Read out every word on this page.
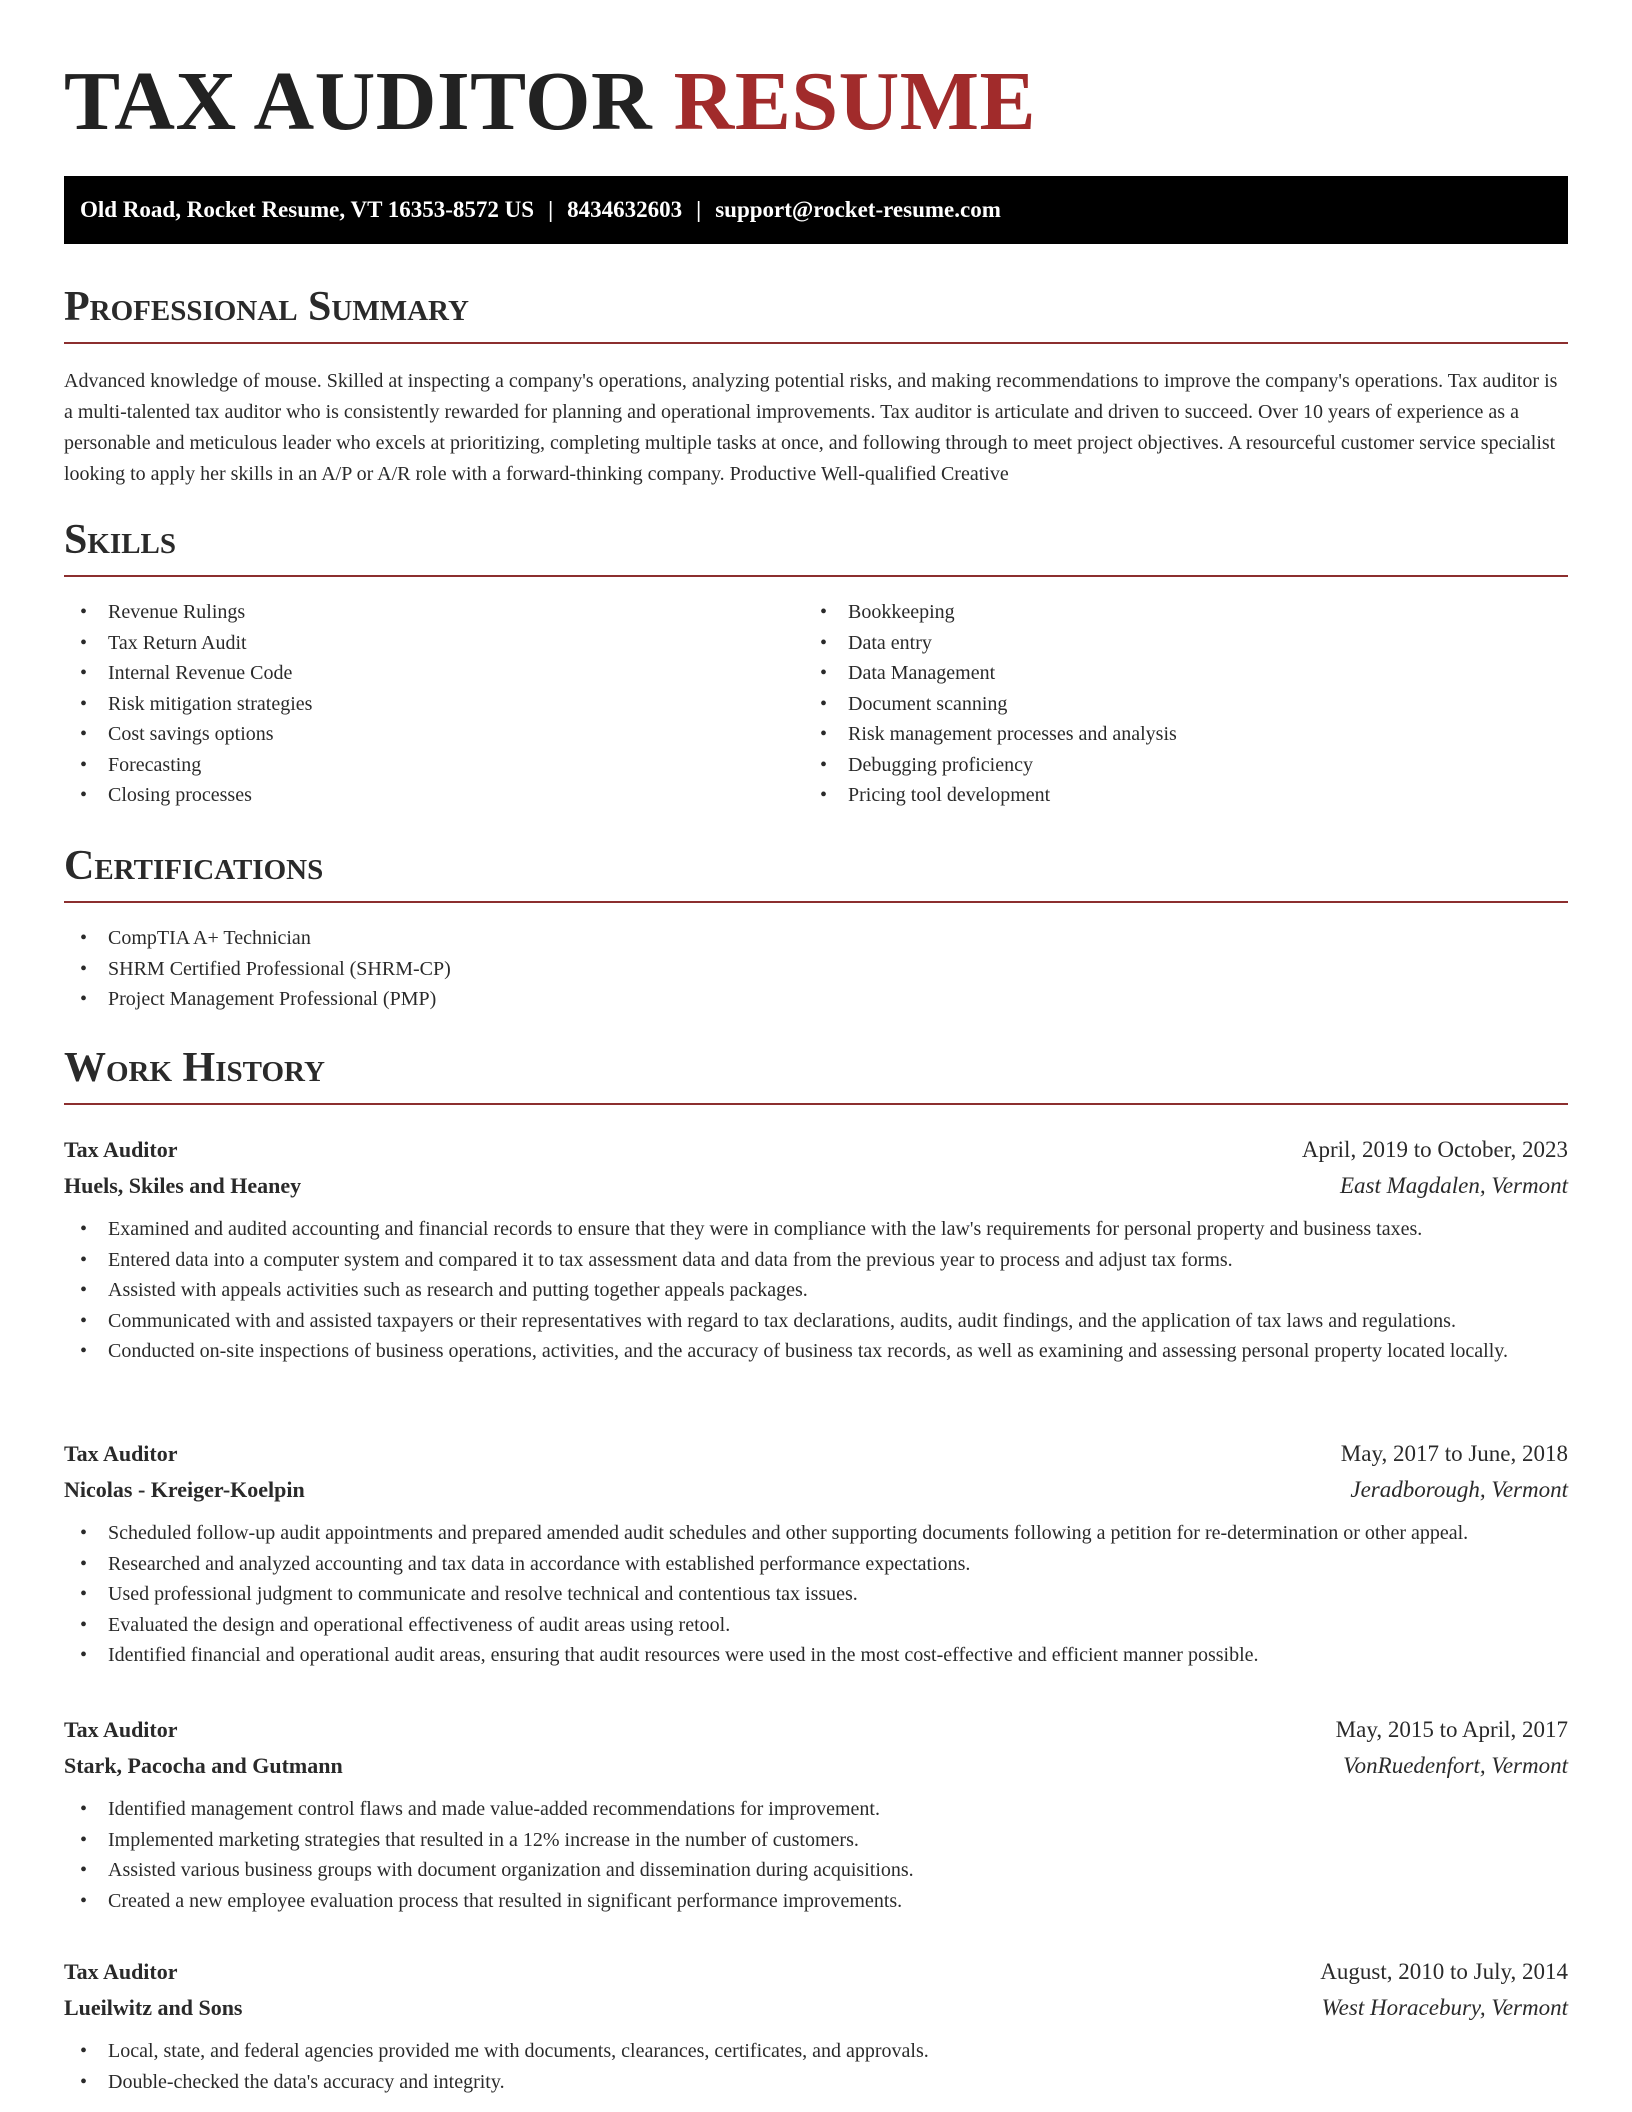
TAX AUDITOR RESUME
Old Road, Rocket Resume, VT 16353-8572 US | 8434632603 | support@rocket-resume.com
Professional Summary

Advanced knowledge of mouse. Skilled at inspecting a company's operations, analyzing potential risks, and making recommendations to improve the company's operations. Tax auditor is a multi-talented tax auditor who is consistently rewarded for planning and operational improvements. Tax auditor is articulate and driven to succeed. Over 10 years of experience as a personable and meticulous leader who excels at prioritizing, completing multiple tasks at once, and following through to meet project objectives. A resourceful customer service specialist looking to apply her skills in an A/P or A/R role with a forward-thinking company. Productive Well-qualified Creative

Skills
• Revenue Rulings
• Tax Return Audit
• Internal Revenue Code
• Risk mitigation strategies
• Cost savings options
• Forecasting
• Closing processes
• Bookkeeping
• Data entry
• Data Management
• Document scanning
• Risk management processes and analysis
• Debugging proficiency
• Pricing tool development
Certifications
• CompTIA A+ Technician
• SHRM Certified Professional (SHRM-CP)
• Project Management Professional (PMP)
Work History
Tax Auditor	April, 2019 to October, 2023
Huels, Skiles and Heaney	East Magdalen, Vermont
• Examined and audited accounting and financial records to ensure that they were in compliance with the law's requirements for personal property and business taxes.
• Entered data into a computer system and compared it to tax assessment data and data from the previous year to process and adjust tax forms.
• Assisted with appeals activities such as research and putting together appeals packages.
• Communicated with and assisted taxpayers or their representatives with regard to tax declarations, audits, audit findings, and the application of tax laws and regulations.
• Conducted on-site inspections of business operations, activities, and the accuracy of business tax records, as well as examining and assessing personal property located locally.
Tax Auditor	May, 2017 to June, 2018
Nicolas - Kreiger-Koelpin	Jeradborough, Vermont
• Scheduled follow-up audit appointments and prepared amended audit schedules and other supporting documents following a petition for re-determination or other appeal.
• Researched and analyzed accounting and tax data in accordance with established performance expectations.
• Used professional judgment to communicate and resolve technical and contentious tax issues.
• Evaluated the design and operational effectiveness of audit areas using retool.
• Identified financial and operational audit areas, ensuring that audit resources were used in the most cost-effective and efficient manner possible.
Tax Auditor	May, 2015 to April, 2017
Stark, Pacocha and Gutmann	VonRuedenfort, Vermont
• Identified management control flaws and made value-added recommendations for improvement.
• Implemented marketing strategies that resulted in a 12% increase in the number of customers.
• Assisted various business groups with document organization and dissemination during acquisitions.
• Created a new employee evaluation process that resulted in significant performance improvements.
Tax Auditor	August, 2010 to July, 2014
Lueilwitz and Sons	West Horacebury, Vermont
• Local, state, and federal agencies provided me with documents, clearances, certificates, and approvals.
• Double-checked the data's accuracy and integrity.
